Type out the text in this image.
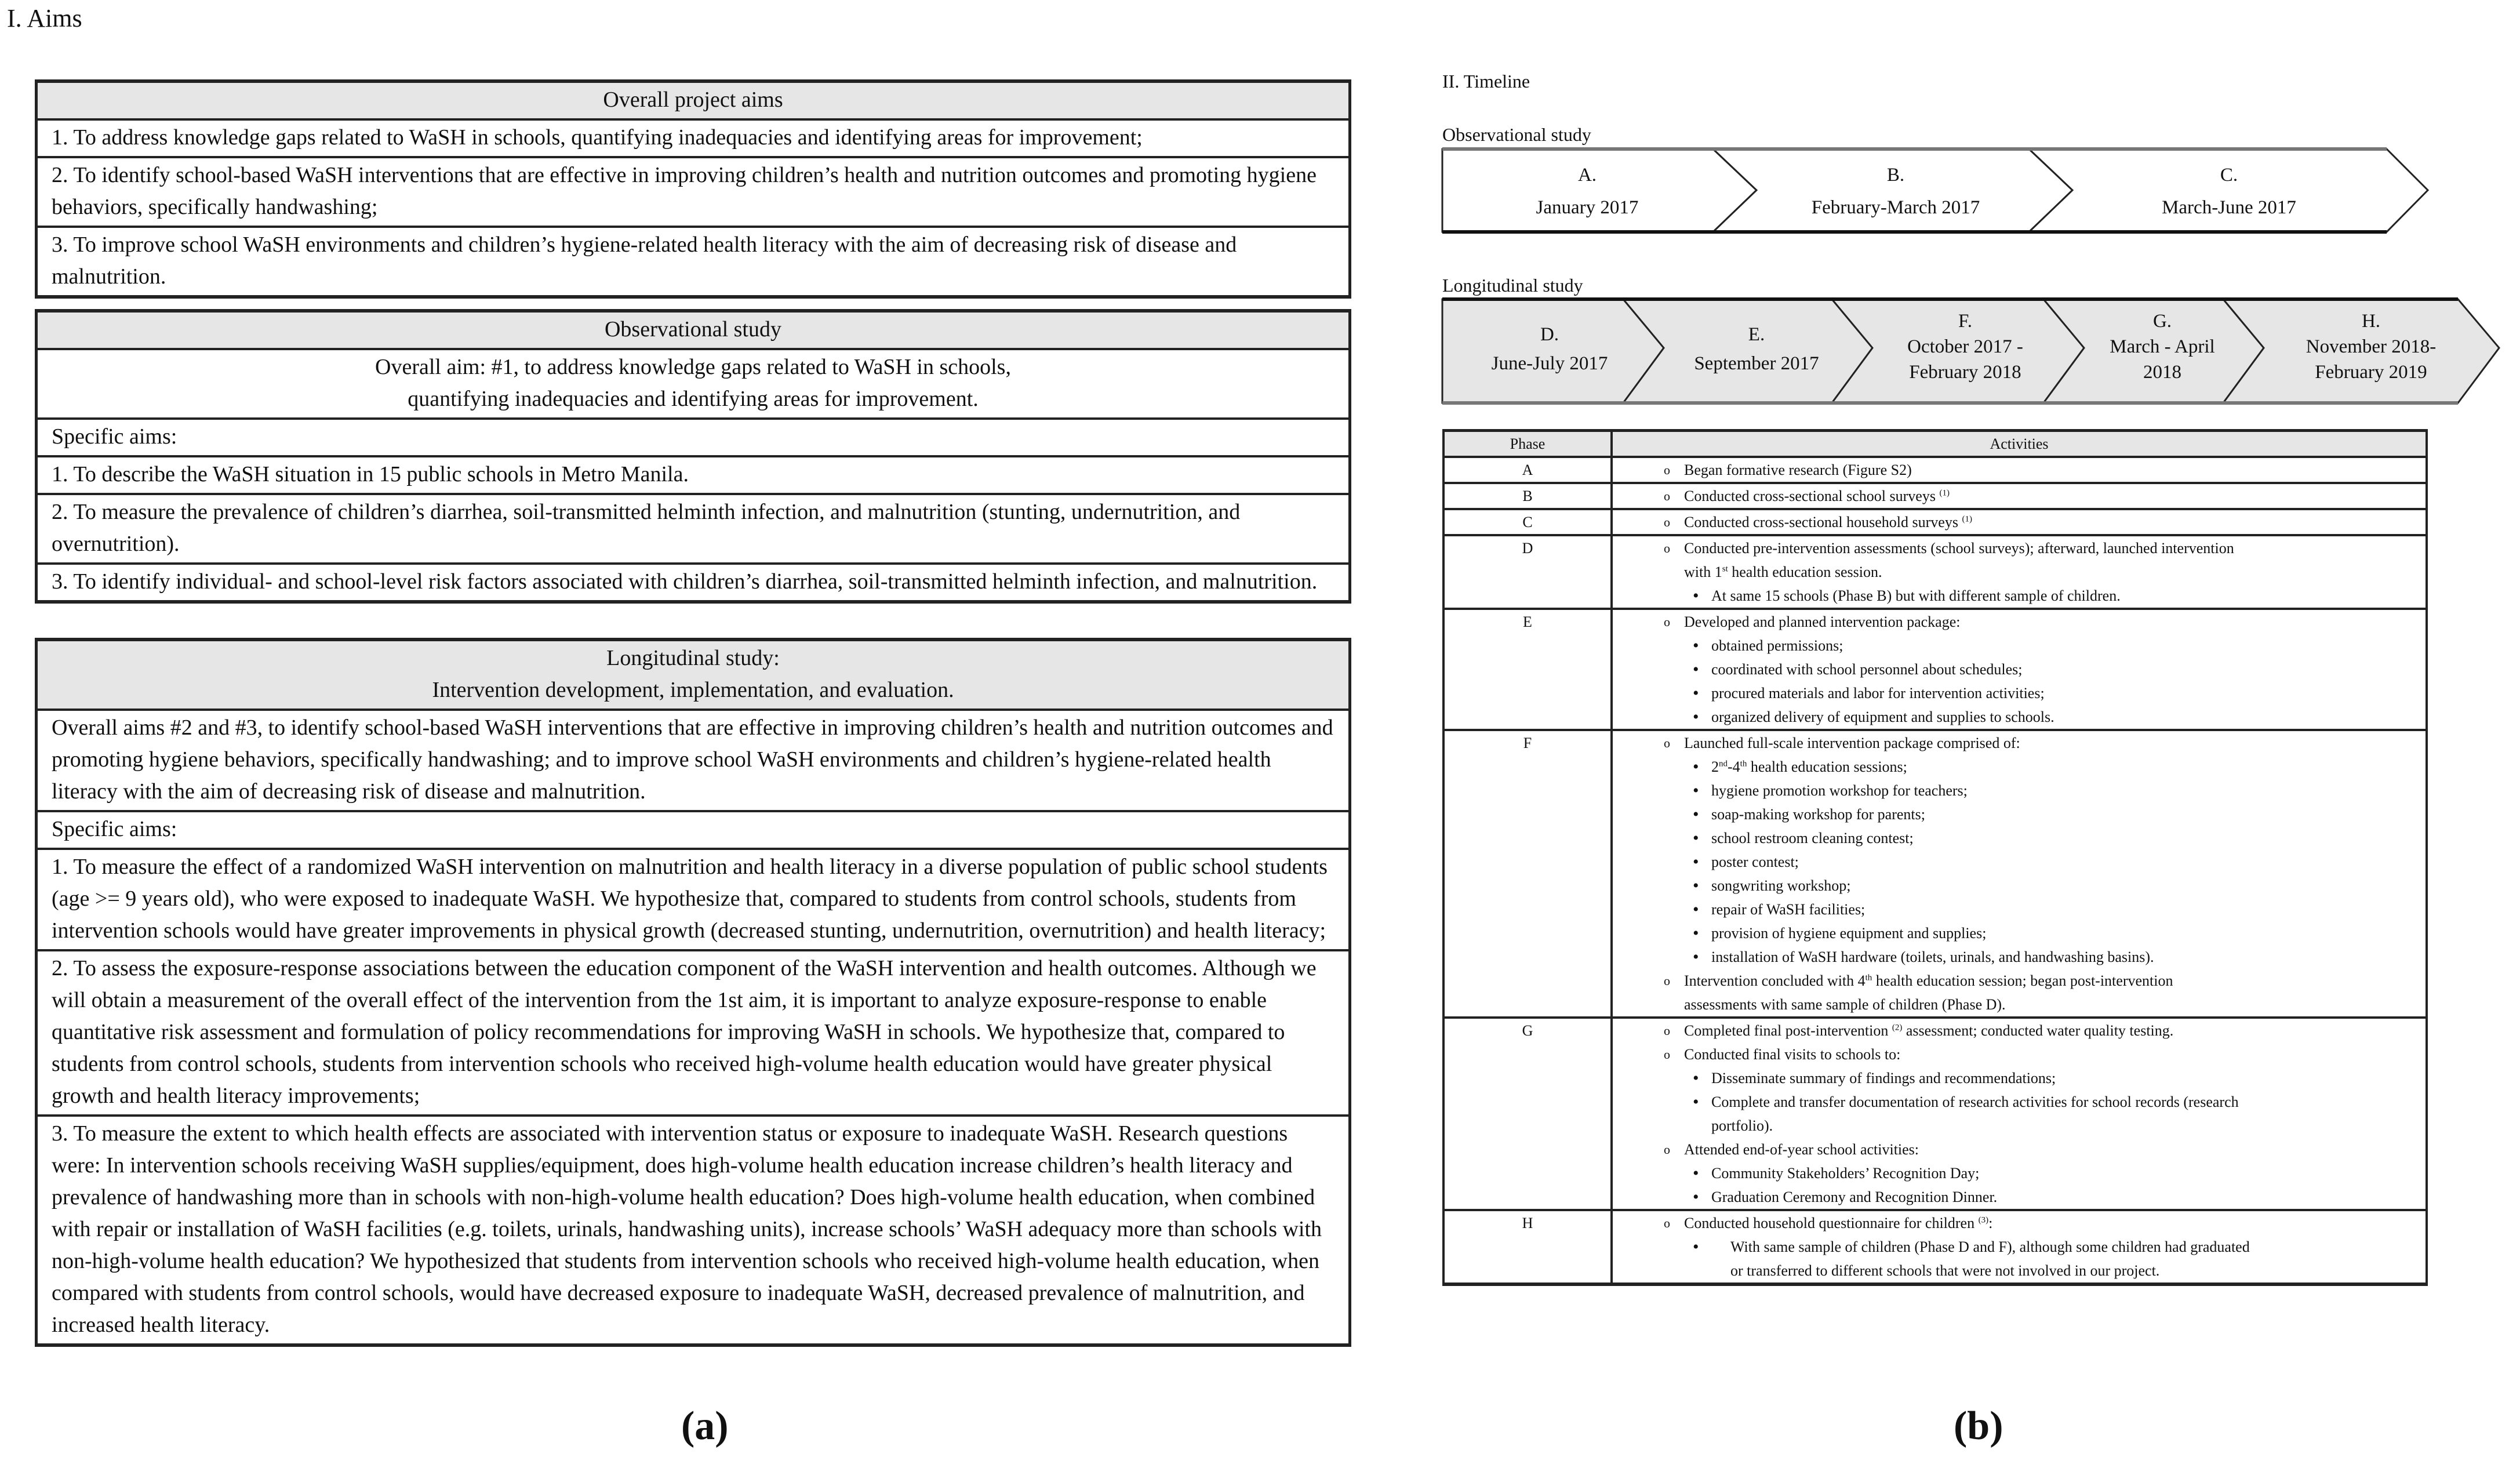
I. Aims
Overall project aims
1. To address knowledge gaps related to WaSH in schools, quantifying inadequacies and identifying areas for improvement;
2. To identify school-based WaSH interventions that are effective in improving children’s health and nutrition outcomes and promoting hygiene behaviors, specifically handwashing;
3. To improve school WaSH environments and children’s hygiene-related health literacy with the aim of decreasing risk of disease and malnutrition.
Observational study

Overall aim: #1, to address knowledge gaps related to WaSH in schools,
quantifying inadequacies and identifying areas for improvement.

Specific aims:
1. To describe the WaSH situation in 15 public schools in Metro Manila.
2. To measure the prevalence of children’s diarrhea, soil-transmitted helminth infection, and malnutrition (stunting, undernutrition, and overnutrition).
3. To identify individual- and school-level risk factors associated with children’s diarrhea, soil-transmitted helminth infection, and malnutrition.
Longitudinal study:
Intervention development, implementation, and evaluation.

Overall aims #2 and #3, to identify school-based WaSH interventions that are effective in improving children’s health and nutrition outcomes and promoting hygiene behaviors, specifically handwashing; and to improve school WaSH environments and children’s hygiene-related health literacy with the aim of decreasing risk of disease and malnutrition.
Specific aims:
1. To measure the effect of a randomized WaSH intervention on malnutrition and health literacy in a diverse population of public school students (age >= 9 years old), who were exposed to inadequate WaSH. We hypothesize that, compared to students from control schools, students from intervention schools would have greater improvements in physical growth (decreased stunting, undernutrition, overnutrition) and health literacy;
2. To assess the exposure-response associations between the education component of the WaSH intervention and health outcomes. Although we will obtain a measurement of the overall effect of the intervention from the 1st aim, it is important to analyze exposure-response to enable quantitative risk assessment and formulation of policy recommendations for improving WaSH in schools. We hypothesize that, compared to students from control schools, students from intervention schools who received high-volume health education would have greater physical growth and health literacy improvements;
3. To measure the extent to which health effects are associated with intervention status or exposure to inadequate WaSH. Research questions were: In intervention schools receiving WaSH supplies/equipment, does high-volume health education increase children’s health literacy and prevalence of handwashing more than in schools with non-high-volume health education? Does high-volume health education, when combined with repair or installation of WaSH facilities (e.g. toilets, urinals, handwashing units), increase schools’ WaSH adequacy more than schools with non-high-volume health education? We hypothesized that students from intervention schools who received high-volume health education, when compared with students from control schools, would have decreased exposure to inadequate WaSH, decreased prevalence of malnutrition, and increased health literacy.
(a)
II. Timeline
Observational study
A.
January 2017
B.
February-March 2017
C.
March-June 2017
Longitudinal study
D.
June-July 2017
E.
September 2017
F.
October 2017 -
February 2018
G.
March - April
2018
H.
November 2018-
February 2019
Phase	Activities
A	o Began formative research (Figure S2)

B	o Conducted cross-sectional school surveys $^{(1)}$

C	o Conducted cross-sectional household surveys $^{(1)}$

D	o Conducted pre-intervention assessments (school surveys); afterward, launched intervention
with 1st health education session.
• At same 15 schools (Phase B) but with different sample of children.

E	o Developed and planned intervention package:
• obtained permissions;
• coordinated with school personnel about schedules;
• procured materials and labor for intervention activities;
• organized delivery of equipment and supplies to schools.

F	
oLaunched full-scale intervention package comprised of:
• 2nd-4th health education sessions;
• hygiene promotion workshop for teachers;
• soap-making workshop for parents;
• school restroom cleaning contest;
• poster contest;
• songwriting workshop;
• repair of WaSH facilities;
• provision of hygiene equipment and supplies;
• installation of WaSH hardware (toilets, urinals, and handwashing basins).
o Intervention concluded with 4th health education session; began post-intervention
assessments with same sample of children (Phase D).

G	
oCompleted final post-intervention $^{(2)}$ assessment; conducted water quality testing.
o Conducted final visits to schools to:
• Disseminate summary of findings and recommendations;
• Complete and transfer documentation of research activities for school records (research
portfolio).
o Attended end-of-year school activities:
• Community Stakeholders’ Recognition Day;
• Graduation Ceremony and Recognition Dinner.

H	o Conducted household questionnaire for children $^{(3)}$:
• With same sample of children (Phase D and F), although some children had graduated
or transferred to different schools that were not involved in our project.
(b)
